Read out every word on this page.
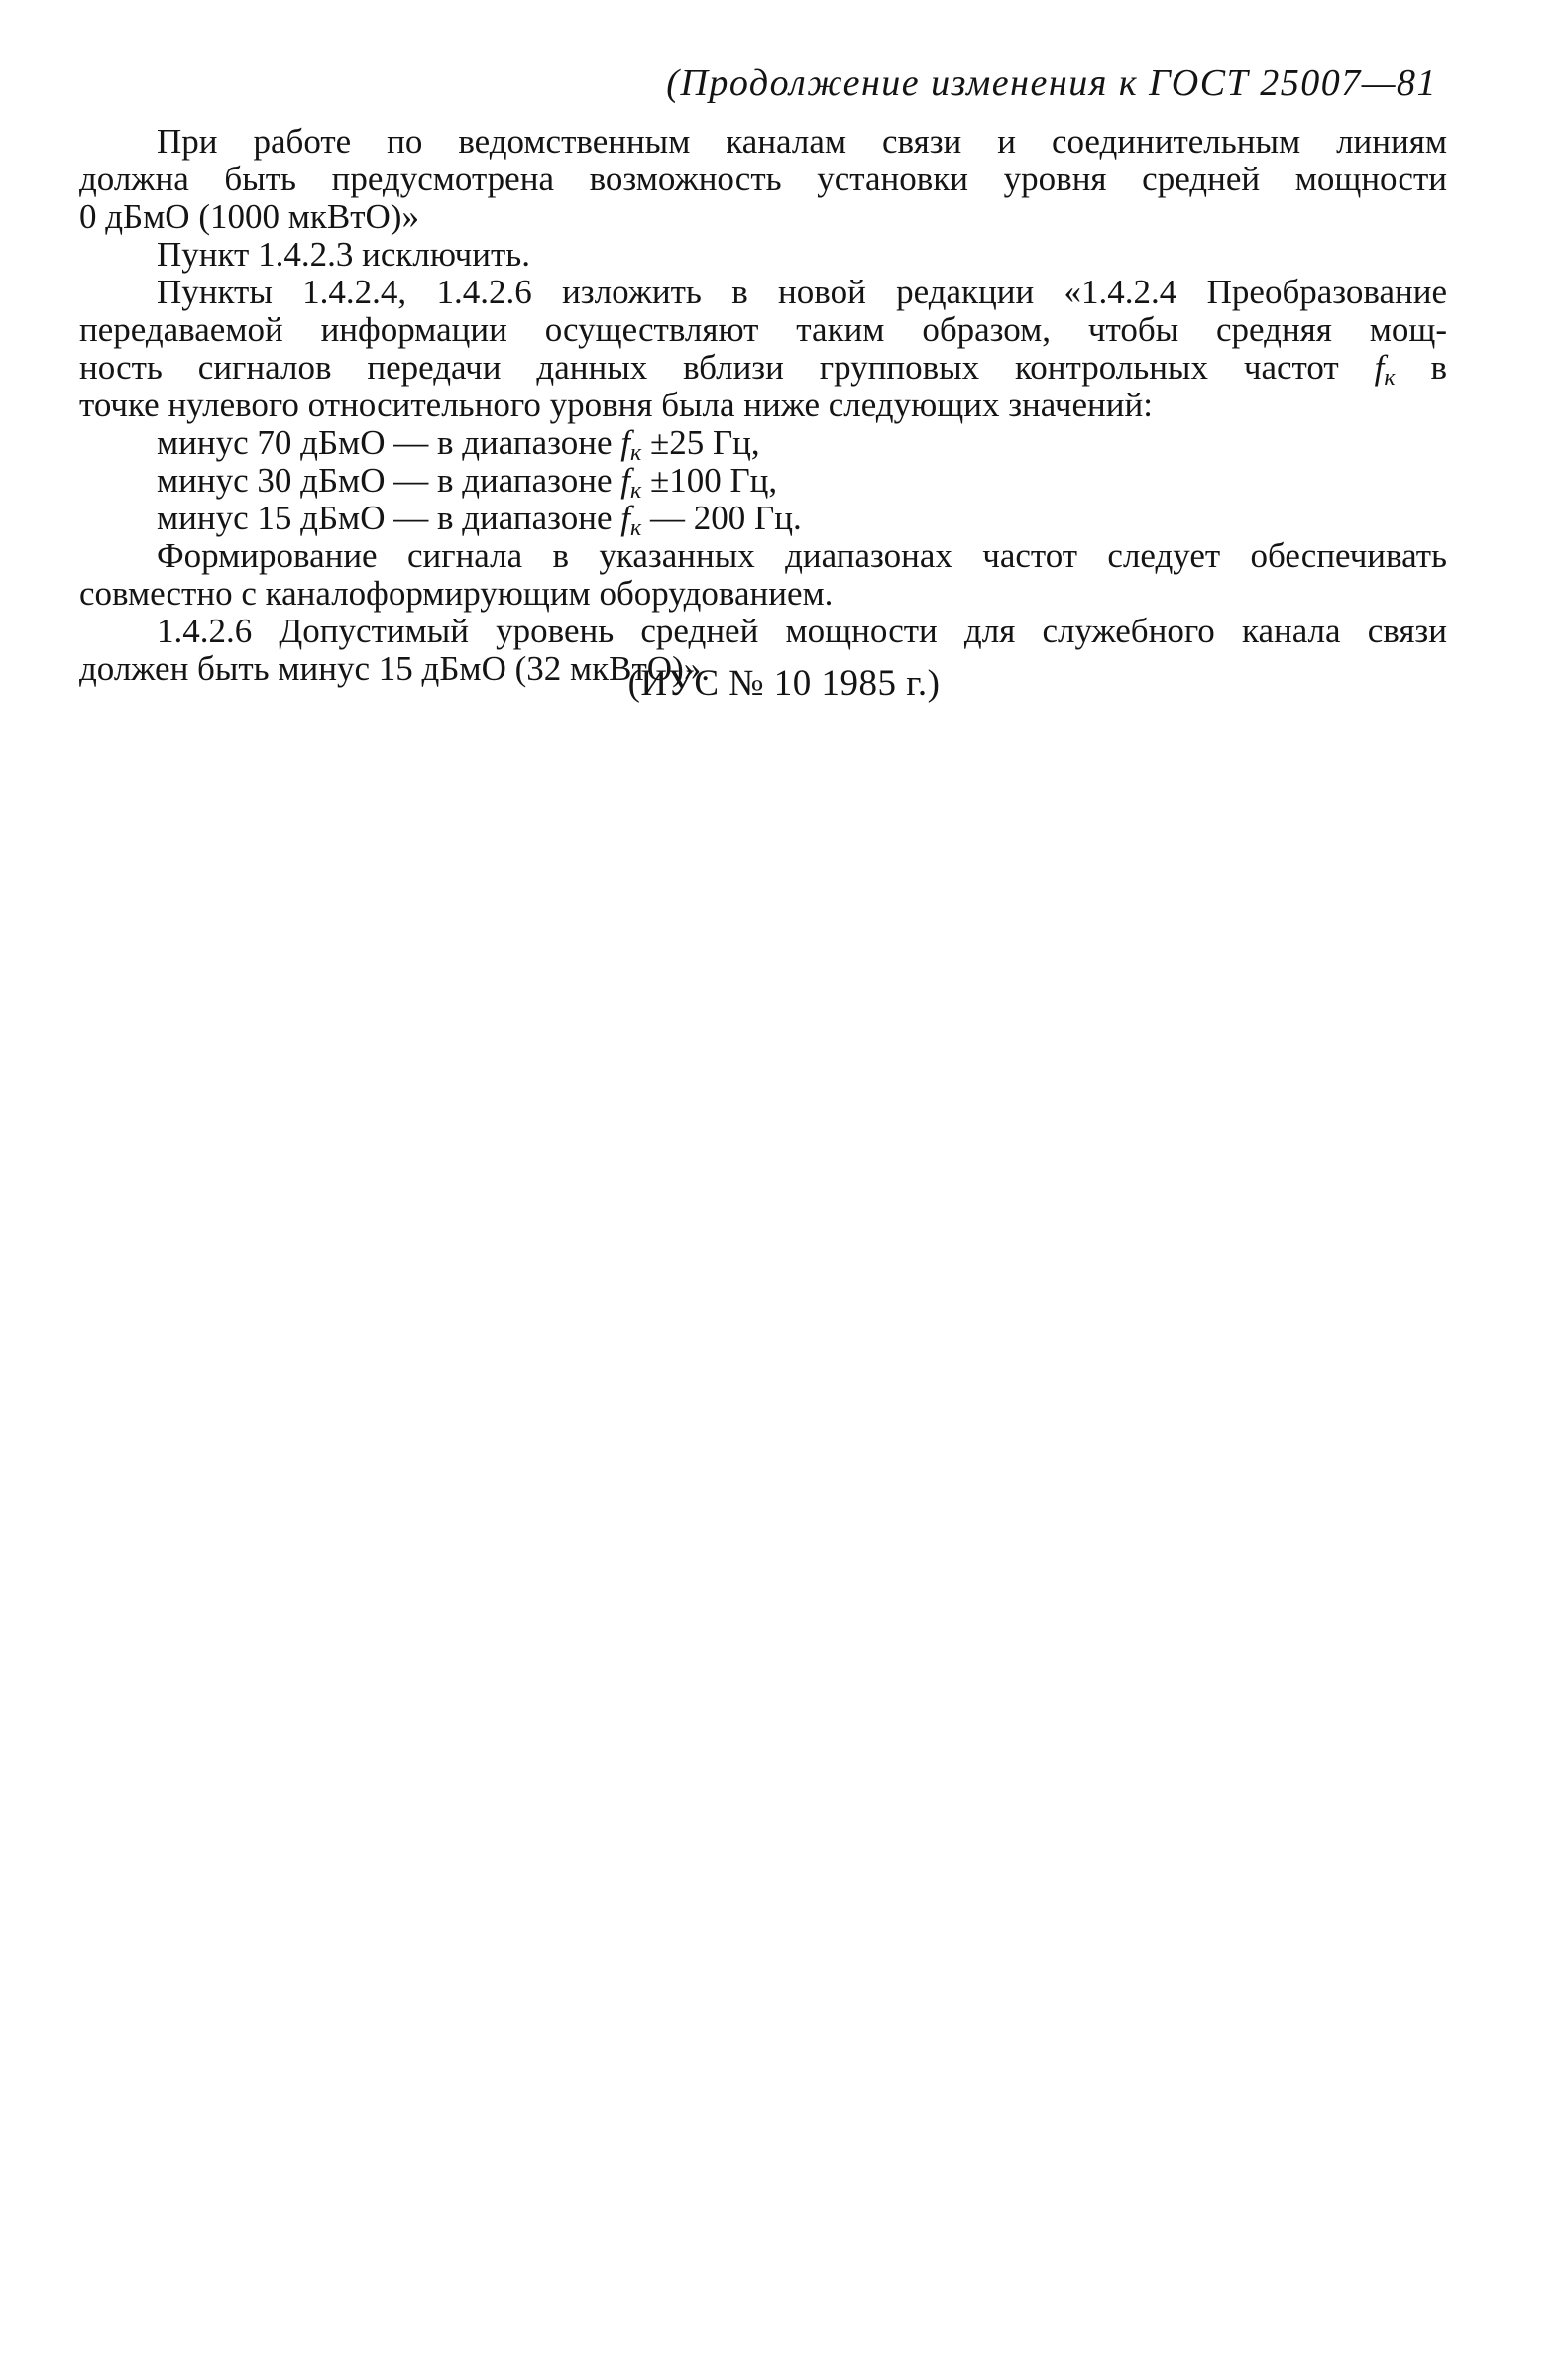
(Продолжение изменения к ГОСТ 25007—81
При работе по ведомственным каналам связи и соединительным линиям
должна быть предусмотрена возможность установки уровня средней мощности
0 дБмО (1000 мкВтО)»
Пункт 1.4.2.3 исключить.
Пункты 1.4.2.4, 1.4.2.6 изложить в новой редакции «1.4.2.4 Преобразование
передаваемой информации осуществляют таким образом, чтобы средняя мощ-
ность сигналов передачи данных вблизи групповых контрольных частот $f_к$ в
точке нулевого относительного уровня была ниже следующих значений:
минус 70 дБмО — в диапазоне $f_к \pm 25$ Гц,
минус 30 дБмО — в диапазоне $f_к \pm 100$ Гц,
минус 15 дБмО — в диапазоне $f_к$ — 200 Гц.
Формирование сигнала в указанных диапазонах частот следует обеспечивать
совместно с каналоформирующим оборудованием.
1.4.2.6 Допустимый уровень средней мощности для служебного канала связи
должен быть минус 15 дБмО (32 мкВтО)».
(ИУС № 10 1985 г.)
